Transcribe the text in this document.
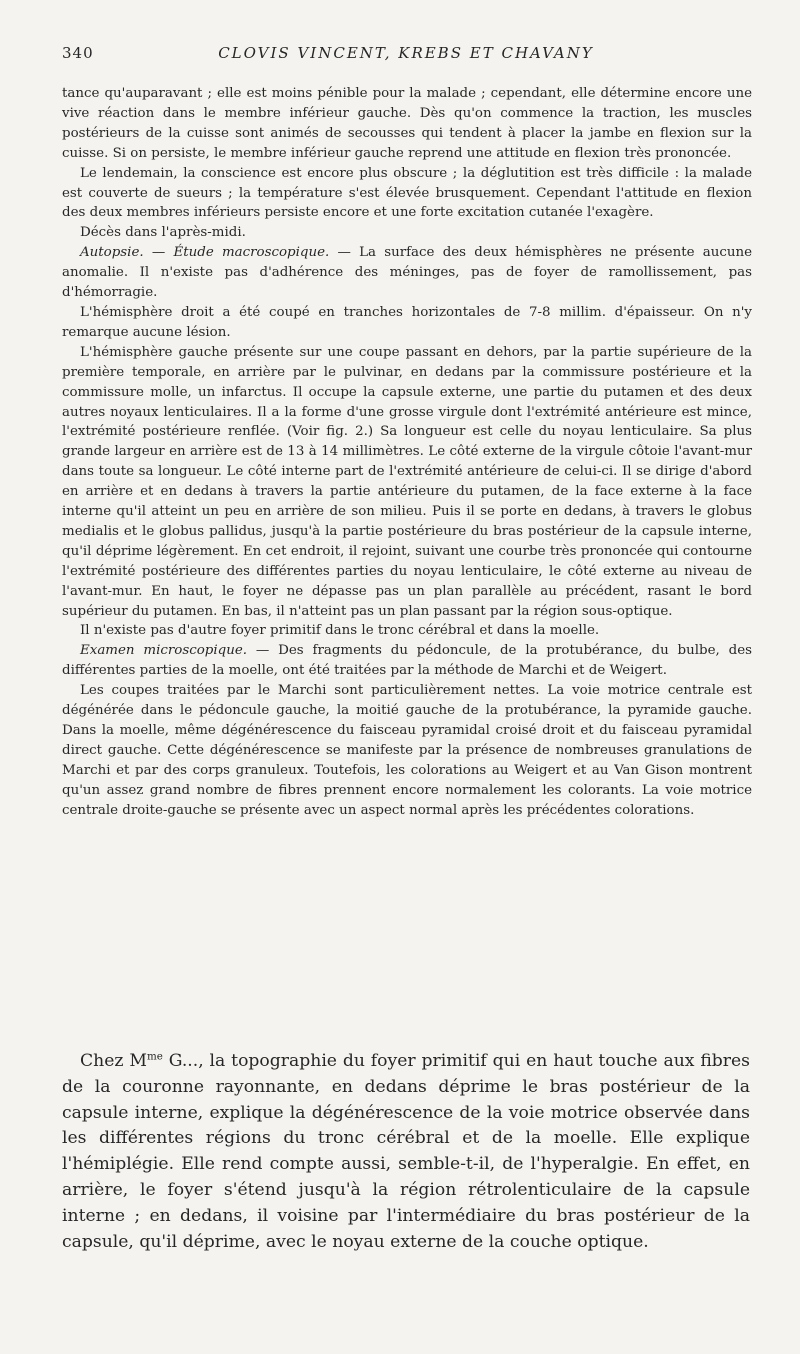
340	CLOVIS VINCENT, KREBS ET CHAVANY

tance qu'auparavant ; elle est moins pénible pour la malade ; cependant, elle détermine encore une vive réaction dans le membre inférieur gauche. Dès qu'on commence la traction, les muscles postérieurs de la cuisse sont animés de secousses qui tendent à placer la jambe en flexion sur la cuisse. Si on persiste, le membre inférieur gauche reprend une attitude en flexion très prononcée.

Le lendemain, la conscience est encore plus obscure ; la déglutition est très difficile : la malade est couverte de sueurs ; la température s'est élevée brusquement. Cependant l'attitude en flexion des deux membres inférieurs persiste encore et une forte excitation cutanée l'exagère.

Décès dans l'après-midi.

Autopsie. — Étude macroscopique. — La surface des deux hémisphères ne présente aucune anomalie. Il n'existe pas d'adhérence des méninges, pas de foyer de ramollissement, pas d'hémorragie.

L'hémisphère droit a été coupé en tranches horizontales de 7-8 millim. d'épaisseur. On n'y remarque aucune lésion.

L'hémisphère gauche présente sur une coupe passant en dehors, par la partie supérieure de la première temporale, en arrière par le pulvinar, en dedans par la commissure postérieure et la commissure molle, un infarctus. Il occupe la capsule externe, une partie du putamen et des deux autres noyaux lenticulaires. Il a la forme d'une grosse virgule dont l'extrémité antérieure est mince, l'extrémité postérieure renflée. (Voir fig. 2.) Sa longueur est celle du noyau lenticulaire. Sa plus grande largeur en arrière est de 13 à 14 millimètres. Le côté externe de la virgule côtoie l'avant-mur dans toute sa longueur. Le côté interne part de l'extrémité antérieure de celui-ci. Il se dirige d'abord en arrière et en dedans à travers la partie antérieure du putamen, de la face externe à la face interne qu'il atteint un peu en arrière de son milieu. Puis il se porte en dedans, à travers le globus medialis et le globus pallidus, jusqu'à la partie postérieure du bras postérieur de la capsule interne, qu'il déprime légèrement. En cet endroit, il rejoint, suivant une courbe très prononcée qui contourne l'extrémité postérieure des différentes parties du noyau lenticulaire, le côté externe au niveau de l'avant-mur. En haut, le foyer ne dépasse pas un plan parallèle au précédent, rasant le bord supérieur du putamen. En bas, il n'atteint pas un plan passant par la région sous-optique.

Il n'existe pas d'autre foyer primitif dans le tronc cérébral et dans la moelle.

Examen microscopique. — Des fragments du pédoncule, de la protubérance, du bulbe, des différentes parties de la moelle, ont été traitées par la méthode de Marchi et de Weigert.

Les coupes traitées par le Marchi sont particulièrement nettes. La voie motrice centrale est dégénérée dans le pédoncule gauche, la moitié gauche de la protubérance, la pyramide gauche. Dans la moelle, même dégénérescence du faisceau pyramidal croisé droit et du faisceau pyramidal direct gauche. Cette dégénérescence se manifeste par la présence de nombreuses granulations de Marchi et par des corps granuleux. Toutefois, les colorations au Weigert et au Van Gison montrent qu'un assez grand nombre de fibres prennent encore normalement les colorants. La voie motrice centrale droite-gauche se présente avec un aspect normal après les précédentes colorations.

Chez $M^{me}$ G..., la topographie du foyer primitif qui en haut touche aux fibres de la couronne rayonnante, en dedans déprime le bras postérieur de la capsule interne, explique la dégénérescence de la voie motrice observée dans les différentes régions du tronc cérébral et de la moelle. Elle explique l'hémiplégie. Elle rend compte aussi, semble-t-il, de l'hyperalgie. En effet, en arrière, le foyer s'étend jusqu'à la région rétrolenticulaire de la capsule interne ; en dedans, il voisine par l'intermédiaire du bras postérieur de la capsule, qu'il déprime, avec le noyau externe de la couche optique.
